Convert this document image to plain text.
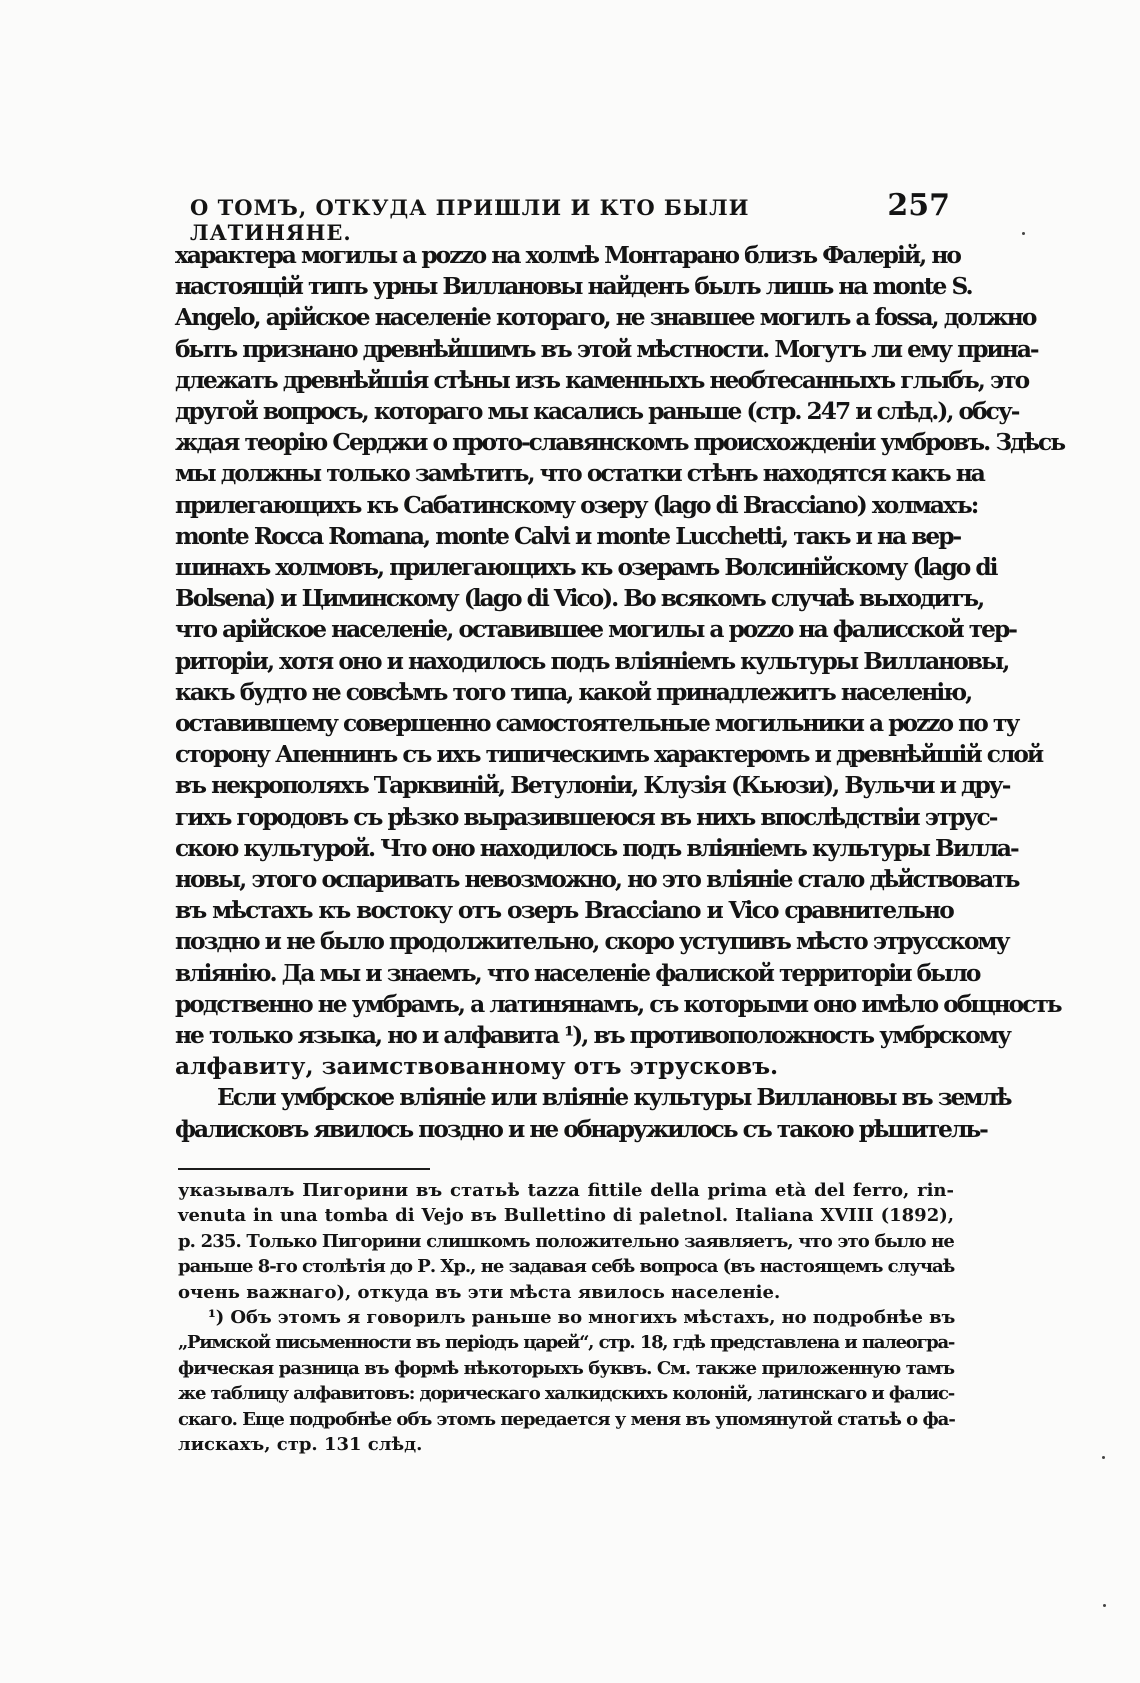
О ТОМЪ, ОТКУДА ПРИШЛИ И КТО БЫЛИ ЛАТИНЯНЕ.
257
характера могилы a pozzo на холмѣ Монтарано близъ Фалерій, но
настоящій типъ урны Виллановы найденъ былъ лишь на monte S.
Angelo, арійское населеніе котораго, не знавшее могилъ a fossa, должно
быть признано древнѣйшимъ въ этой мѣстности. Могутъ ли ему прина-
длежать древнѣйшія стѣны изъ каменныхъ необтесанныхъ глыбъ, это
другой вопросъ, котораго мы касались раньше (стр. 247 и слѣд.), обсу-
ждая теорію Серджи о прото-славянскомъ происхожденіи умбровъ. Здѣсь
мы должны только замѣтить, что остатки стѣнъ находятся какъ на
прилегающихъ къ Сабатинскому озеру (lago di Bracciano) холмахъ:
monte Rocca Romana, monte Calvi и monte Lucchetti, такъ и на вер-
шинахъ холмовъ, прилегающихъ къ озерамъ Волсинійскому (lago di
Bolsena) и Циминскому (lago di Vico). Во всякомъ случаѣ выходитъ,
что арійское населеніе, оставившее могилы a pozzo на фалисской тер-
риторіи, хотя оно и находилось подъ вліяніемъ культуры Виллановы,
какъ будто не совсѣмъ того типа, какой принадлежитъ населенію,
оставившему совершенно самостоятельные могильники a pozzo по ту
сторону Апеннинъ съ ихъ типическимъ характеромъ и древнѣйшій слой
въ некрополяхъ Тарквиній, Ветулоніи, Клузія (Кьюзи), Вульчи и дру-
гихъ городовъ съ рѣзко выразившеюся въ нихъ впослѣдствіи этрус-
скою культурой. Что оно находилось подъ вліяніемъ культуры Вилла-
новы, этого оспаривать невозможно, но это вліяніе стало дѣйствовать
въ мѣстахъ къ востоку отъ озеръ Bracciano и Vico сравнительно
поздно и не было продолжительно, скоро уступивъ мѣсто этрусскому
вліянію. Да мы и знаемъ, что населеніе фалиской территоріи было
родственно не умбрамъ, а латинянамъ, съ которыми оно имѣло общность
не только языка, но и алфавита ¹), въ противоположность умбрскому
алфавиту, заимствованному отъ этрусковъ.
Если умбрское вліяніе или вліяніе культуры Виллановы въ землѣ
фалисковъ явилось поздно и не обнаружилось съ такою рѣшитель-
указывалъ Пигорини въ статьѣ tazza fittile della prima età del ferro, rin-
venuta in una tomba di Vejo въ Bullettino di paletnol. Italiana XVIII (1892),
p. 235. Только Пигорини слишкомъ положительно заявляетъ, что это было не
раньше 8-го столѣтія до Р. Хр., не задавая себѣ вопроса (въ настоящемъ случаѣ
очень важнаго), откуда въ эти мѣста явилось населеніе.
¹) Объ этомъ я говорилъ раньше во многихъ мѣстахъ, но подробнѣе въ
„Римской письменности въ періодъ царей“, стр. 18, гдѣ представлена и палеогра-
фическая разница въ формѣ нѣкоторыхъ буквъ. См. также приложенную тамъ
же таблицу алфавитовъ: дорическаго халкидскихъ колоній, латинскаго и фалис-
скаго. Еще подробнѣе объ этомъ передается у меня въ упомянутой статьѣ о фа-
лискахъ, стр. 131 слѣд.
